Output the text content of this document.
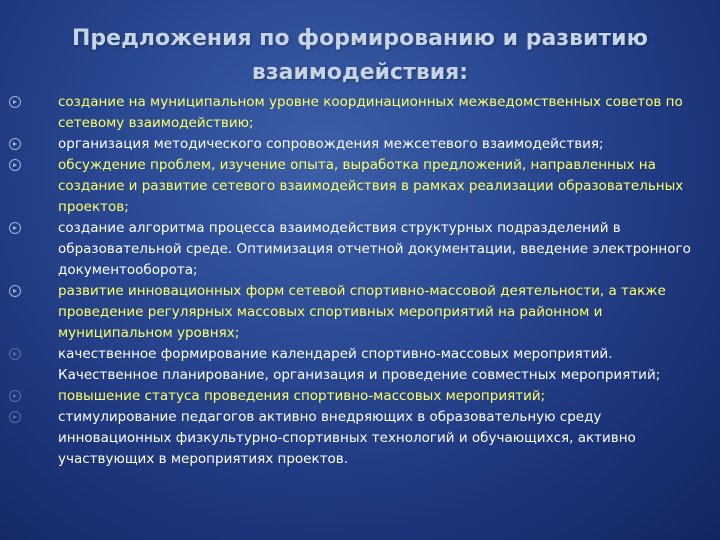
Предложения по формированию и развитию
взаимодействия:
создание на муниципальном уровне координационных межведомственных советов по сетевому взаимодействию;
организация методического сопровождения межсетевого взаимодействия;
обсуждение проблем, изучение опыта, выработка предложений, направленных на создание и развитие сетевого взаимодействия в рамках реализации образовательных проектов;
создание алгоритма процесса взаимодействия структурных подразделений в образовательной среде. Оптимизация отчетной документации, введение электронного документооборота;
развитие инновационных форм сетевой спортивно-массовой деятельности, а также проведение регулярных массовых спортивных мероприятий на районном и муниципальном уровнях;
качественное формирование календарей спортивно-массовых мероприятий. Качественное планирование, организация и проведение совместных мероприятий;
повышение статуса проведения спортивно-массовых мероприятий;
стимулирование педагогов активно внедряющих в образовательную среду инновационных физкультурно-спортивных технологий и обучающихся, активно участвующих в мероприятиях проектов.
